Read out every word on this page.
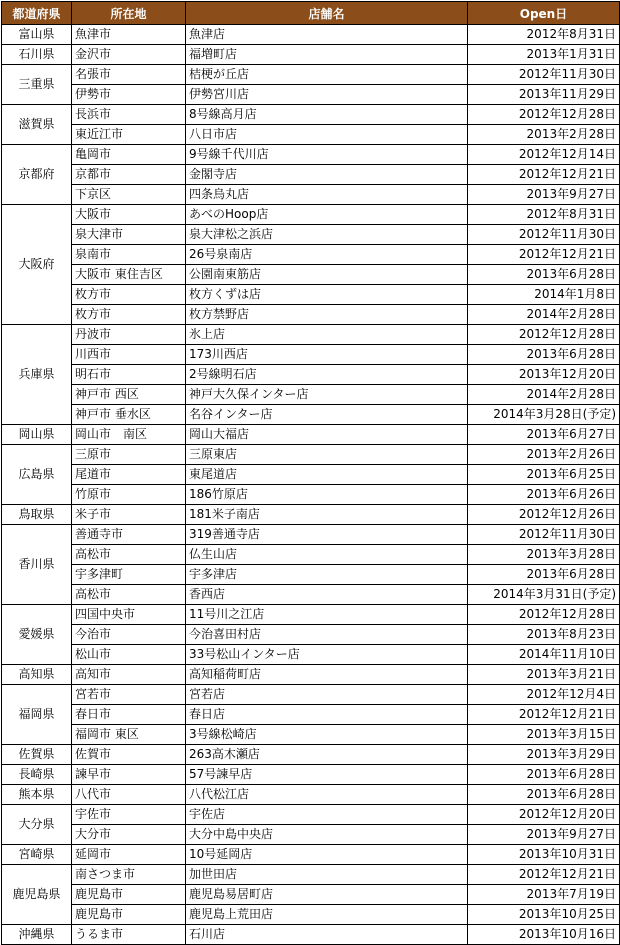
都道府県	所在地	店舗名	Open日
富山県	魚津市	魚津店	2012年8月31日
石川県	金沢市	福増町店	2013年1月31日
三重県	名張市	桔梗が丘店	2012年11月30日
	伊勢市	伊勢宮川店	2013年11月29日
滋賀県	長浜市	8号線高月店	2012年12月28日
	東近江市	八日市店	2013年2月28日
京都府	亀岡市	9号線千代川店	2012年12月14日
	京都市	金閣寺店	2012年12月21日
	下京区	四条烏丸店	2013年9月27日
大阪府	大阪市	あべのHoop店	2012年8月31日
	泉大津市	泉大津松之浜店	2012年11月30日
	泉南市	26号泉南店	2012年12月21日
	大阪市 東住吉区	公園南東筋店	2013年6月28日
	枚方市	枚方くずは店	2014年1月8日
	枚方市	枚方禁野店	2014年2月28日
兵庫県	丹波市	氷上店	2012年12月28日
	川西市	173川西店	2013年6月28日
	明石市	2号線明石店	2013年12月20日
	神戸市 西区	神戸大久保インター店	2014年2月28日
	神戸市 垂水区	名谷インター店	2014年3月28日(予定)
岡山県	岡山市　南区	岡山大福店	2013年6月27日
広島県	三原市	三原東店	2013年2月26日
	尾道市	東尾道店	2013年6月25日
	竹原市	186竹原店	2013年6月26日
鳥取県	米子市	181米子南店	2012年12月26日
香川県	善通寺市	319善通寺店	2012年11月30日
	高松市	仏生山店	2013年3月28日
	宇多津町	宇多津店	2013年6月28日
	高松市	香西店	2014年3月31日(予定)
愛媛県	四国中央市	11号川之江店	2012年12月28日
	今治市	今治喜田村店	2013年8月23日
	松山市	33号松山インター店	2014年11月10日
高知県	高知市	高知稲荷町店	2013年3月21日
福岡県	宮若市	宮若店	2012年12月4日
	春日市	春日店	2012年12月21日
	福岡市 東区	3号線松崎店	2013年3月15日
佐賀県	佐賀市	263高木瀬店	2013年3月29日
長崎県	諫早市	57号諫早店	2013年6月28日
熊本県	八代市	八代松江店	2013年6月28日
大分県	宇佐市	宇佐店	2012年12月20日
	大分市	大分中島中央店	2013年9月27日
宮崎県	延岡市	10号延岡店	2013年10月31日
鹿児島県	南さつま市	加世田店	2012年12月21日
	鹿児島市	鹿児島易居町店	2013年7月19日
	鹿児島市	鹿児島上荒田店	2013年10月25日
沖縄県	うるま市	石川店	2013年10月16日
